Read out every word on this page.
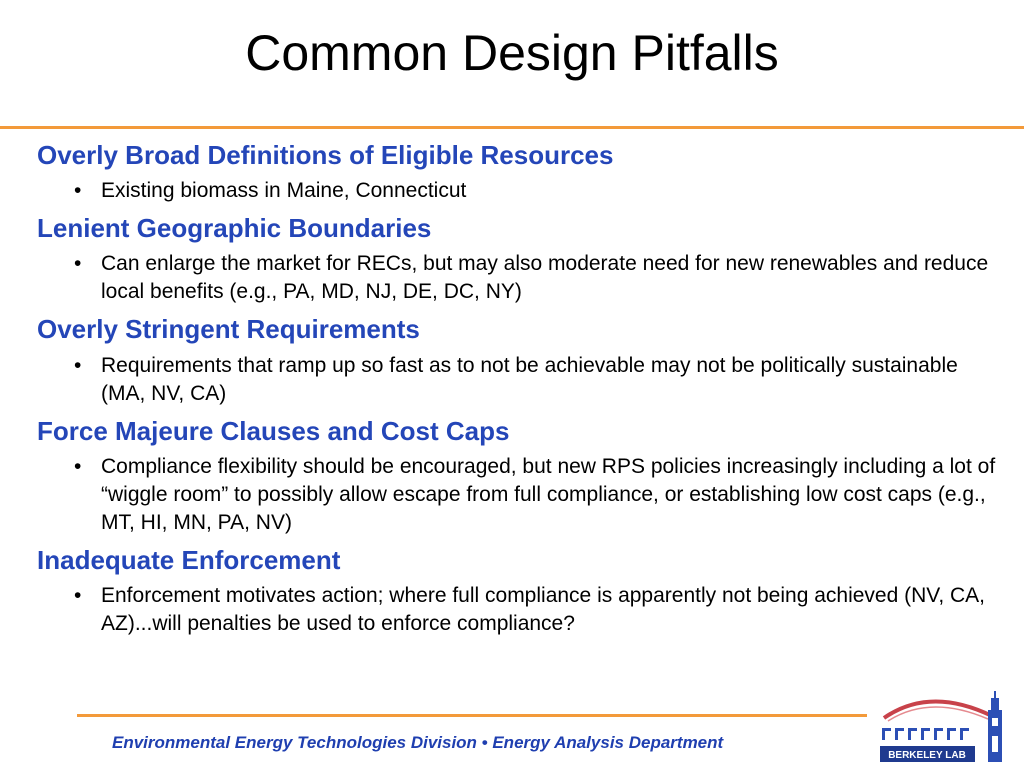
Common Design Pitfalls
Overly Broad Definitions of Eligible Resources
• Existing biomass in Maine, Connecticut
Lenient Geographic Boundaries
• Can enlarge the market for RECs, but may also moderate need for new renewables and reduce local benefits (e.g., PA, MD, NJ, DE, DC, NY)
Overly Stringent Requirements
• Requirements that ramp up so fast as to not be achievable may not be politically sustainable (MA, NV, CA)
Force Majeure Clauses and Cost Caps
• Compliance flexibility should be encouraged, but new RPS policies increasingly including a lot of “wiggle room” to possibly allow escape from full compliance, or establishing low cost caps (e.g., MT, HI, MN, PA, NV)
Inadequate Enforcement
• Enforcement motivates action; where full compliance is apparently not being achieved (NV, CA, AZ)...will penalties be used to enforce compliance?
Environmental Energy Technologies Division • Energy Analysis Department
BERKELEY LAB
